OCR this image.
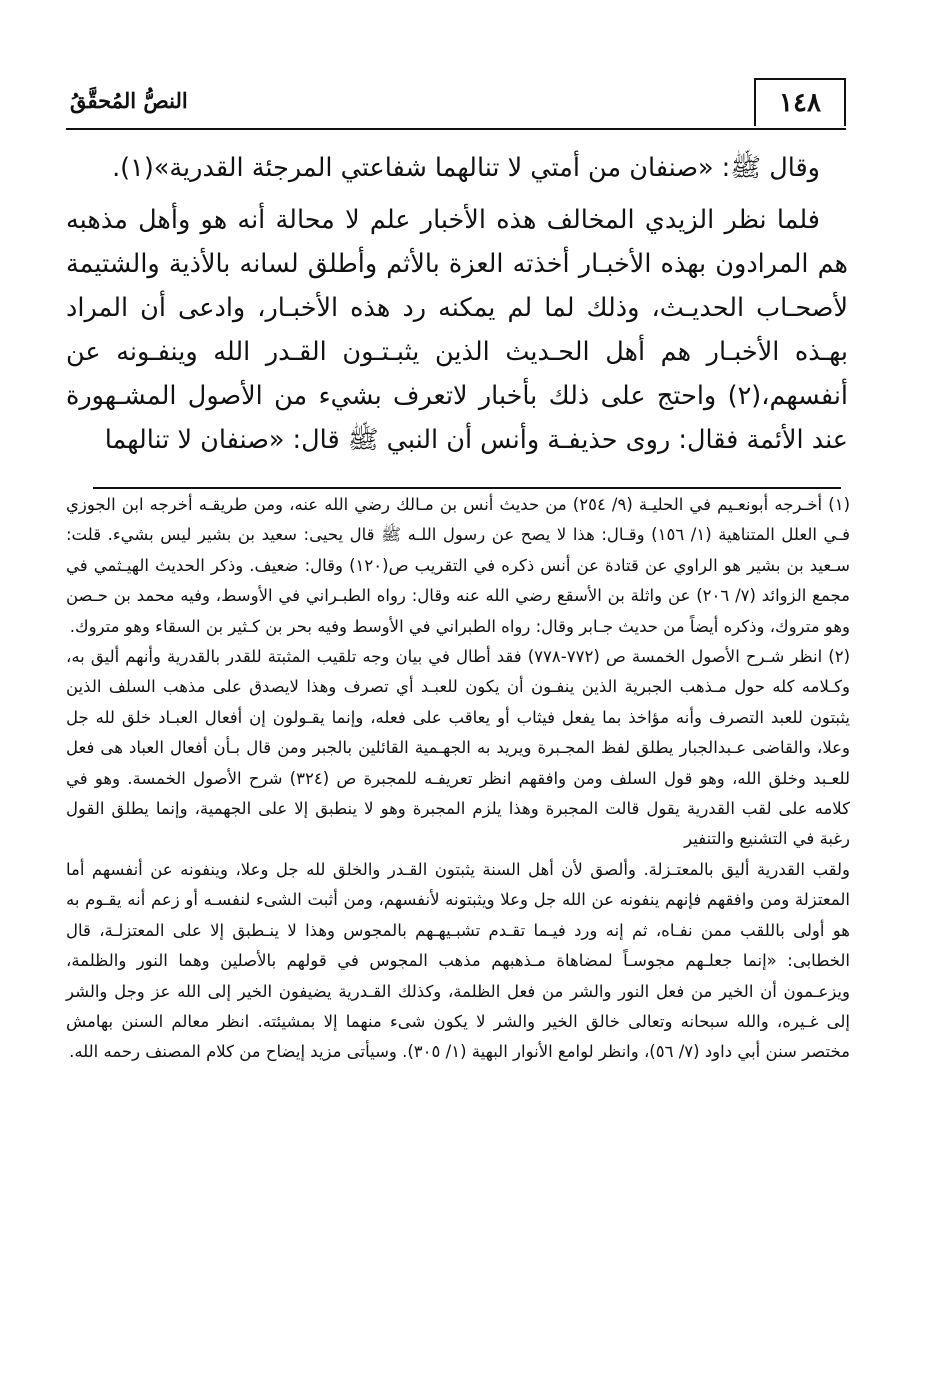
١٤٨
النصُّ المُحقَّقُ

وقال ﷺ: «صنفان من أمتي لا تنالهما شفاعتي المرجئة القدرية»(١).

فلما نظر الزيدي المخالف هذه الأخبار علم لا محالة أنه هو وأهل مذهبه هم المرادون بهذه الأخبـار أخذته العزة بالأثم وأطلق لسانه بالأذية والشتيمة لأصحـاب الحديـث، وذلك لما لم يمكنه رد هذه الأخبـار، وادعى أن المراد بهـذه الأخبـار هم أهل الحـديث الذين يثبـتـون القـدر الله وينفـونه عن أنفسهم،(٢) واحتج على ذلك بأخبار لاتعرف بشيء من الأصول المشـهورة عند الأئمة فقال: روى حذيفـة وأنس أن النبي ﷺ قال: «صنفان لا تنالهما

(١) أخـرجه أبونعـيم في الحليـة (٩/ ٢٥٤) من حديث أنس بن مـالك رضي الله عنه، ومن طريقـه أخرجه ابن الجوزي فـي العلل المتناهية (١/ ١٥٦) وقـال: هذا لا يصح عن رسول اللـه ﷺ قال يحيى: سعيد بن بشير ليس بشيء. قلت: سـعيد بن بشير هو الراوي عن قتادة عن أنس ذكره في التقريب ص(١٢٠) وقال: ضعيف. وذكر الحديث الهيـثمي في مجمع الزوائد (٧/ ٢٠٦) عن واثلة بن الأسقع رضي الله عنه وقال: رواه الطبـراني في الأوسط، وفيه محمد بن حـصن وهو متروك، وذكره أيضاً من حديث جـابر وقال: رواه الطبراني في الأوسط وفيه بحر بن كـثير بن السقاء وهو متروك.

(٢) انظر شـرح الأصول الخمسة ص (٧٧٢-٧٧٨) فقد أطال في بيان وجه تلقيب المثبتة للقدر بالقدرية وأنهم أليق به، وكـلامه كله حول مـذهب الجبرية الذين ينفـون أن يكون للعبـد أي تصرف وهذا لايصدق على مذهب السلف الذين يثبتون للعبد التصرف وأنه مؤاخذ بما يفعل فيثاب أو يعاقب على فعله، وإنما يقـولون إن أفعال العبـاد خلق لله جل وعلا، والقاضى عـبدالجبار يطلق لفظ المجـبرة ويريد به الجهـمية القائلين بالجبر ومن قال بـأن أفعال العباد هى فعل للعـبد وخلق الله، وهو قول السلف ومن وافقهم انظر تعريفـه للمجبرة ص (٣٢٤) شرح الأصول الخمسة. وهو في كلامه على لقب القدرية يقول قالت المجبرة وهذا يلزم المجبرة وهو لا ينطبق إلا على الجهمية، وإنما يطلق القول رغبة في التشنيع والتنفير

ولقب القدرية أليق بالمعتـزلة. وألصق لأن أهل السنة يثبتون القـدر والخلق لله جل وعلا، وينفونه عن أنفسهم أما المعتزلة ومن وافقهم فإنهم ينفونه عن الله جل وعلا ويثبتونه لأنفسهم، ومن أثبت الشىء لنفسـه أو زعم أنه يقـوم به هو أولى باللقب ممن نفـاه، ثم إنه ورد فيـما تقـدم تشبـيهـهم بالمجوس وهذا لا ينـطبق إلا على المعتزلـة، قال الخطابى: «إنما جعلـهم مجوسـاً لمضاهاة مـذهبهم مذهب المجوس في قولهم بالأصلين وهما النور والظلمة، ويزعـمون أن الخير من فعل النور والشر من فعل الظلمة، وكذلك القـدرية يضيفون الخير إلى الله عز وجل والشر إلى غـيره، والله سبحانه وتعالى خالق الخير والشر لا يكون شىء منهما إلا بمشيئته. انظر معالم السنن بهامش مختصر سنن أبي داود (٧/ ٥٦)، وانظر لوامع الأنوار البهية (١/ ٣٠٥). وسيأتى مزيد إيضاح من كلام المصنف رحمه الله.
